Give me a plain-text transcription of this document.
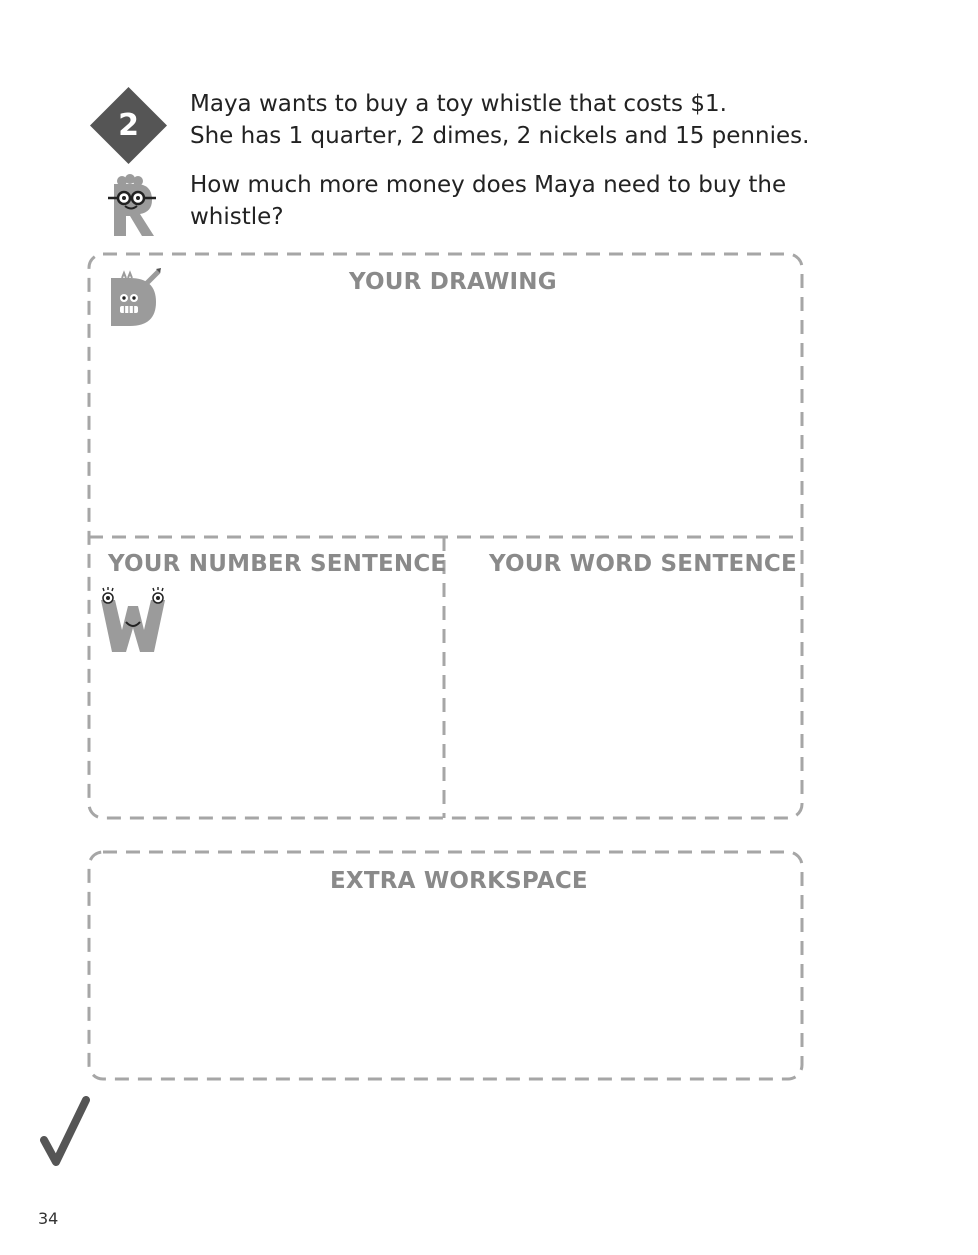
2

Maya wants to buy a toy whistle that costs $1.

She has 1 quarter, 2 dimes, 2 nickels and 15 pennies.

How much more money does Maya need to buy the whistle?

YOUR DRAWING
YOUR NUMBER SENTENCE YOUR WORD SENTENCE
EXTRA WORKSPACE
34
